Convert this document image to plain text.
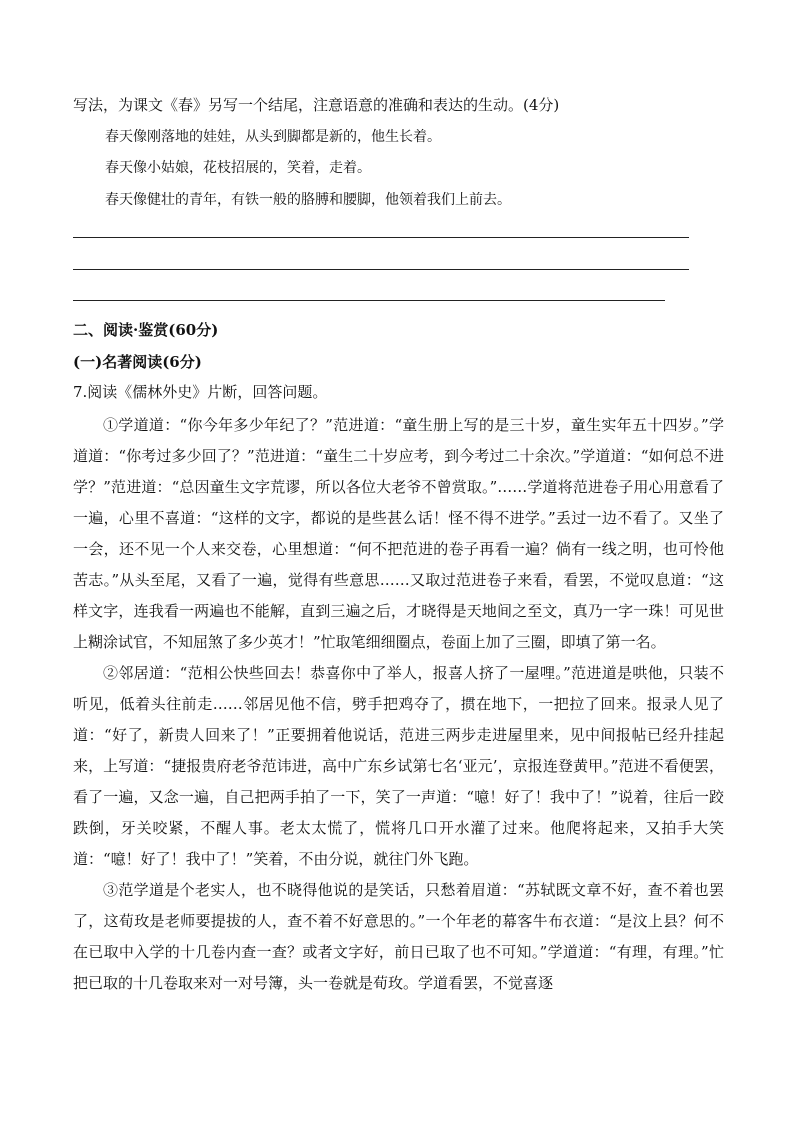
写法，为课文《春》另写一个结尾，注意语意的准确和表达的生动。(4分)
春天像刚落地的娃娃，从头到脚都是新的，他生长着。
春天像小姑娘，花枝招展的，笑着，走着。
春天像健壮的青年，有铁一般的胳膊和腰脚，他领着我们上前去。
二、阅读·鉴赏(60分)
(一)名著阅读(6分)
7.阅读《儒林外史》片断，回答问题。

①学道道：“你今年多少年纪了？”范进道：“童生册上写的是三十岁，童生实年五十四岁。”学道道：“你考过多少回了？”范进道：“童生二十岁应考，到今考过二十余次。”学道道：“如何总不进学？”范进道：“总因童生文字荒谬，所以各位大老爷不曾赏取。”……学道将范进卷子用心用意看了一遍，心里不喜道：“这样的文字，都说的是些甚么话！怪不得不进学。”丢过一边不看了。又坐了一会，还不见一个人来交卷，心里想道：“何不把范进的卷子再看一遍？倘有一线之明，也可怜他苦志。”从头至尾，又看了一遍，觉得有些意思……又取过范进卷子来看，看罢，不觉叹息道：“这样文字，连我看一两遍也不能解，直到三遍之后，才晓得是天地间之至文，真乃一字一珠！可见世上糊涂试官，不知屈煞了多少英才！”忙取笔细细圈点，卷面上加了三圈，即填了第一名。

②邻居道：“范相公快些回去！恭喜你中了举人，报喜人挤了一屋哩。”范进道是哄他，只装不听见，低着头往前走……邻居见他不信，劈手把鸡夺了，掼在地下，一把拉了回来。报录人见了道：“好了，新贵人回来了！”正要拥着他说话，范进三两步走进屋里来，见中间报帖已经升挂起来，上写道：“捷报贵府老爷范讳进，高中广东乡试第七名‘亚元’，京报连登黄甲。”范进不看便罢，看了一遍，又念一遍，自己把两手拍了一下，笑了一声道：“噫！好了！我中了！”说着，往后一跤跌倒，牙关咬紧，不醒人事。老太太慌了，慌将几口开水灌了过来。他爬将起来，又拍手大笑道：“噫！好了！我中了！”笑着，不由分说，就往门外飞跑。

③范学道是个老实人，也不晓得他说的是笑话，只愁着眉道：“苏轼既文章不好，查不着也罢了，这荀玫是老师要提拔的人，查不着不好意思的。”一个年老的幕客牛布衣道：“是汶上县？何不在已取中入学的十几卷内查一查？或者文字好，前日已取了也不可知。”学道道：“有理，有理。”忙把已取的十几卷取来对一对号簿，头一卷就是荀玫。学道看罢，不觉喜逐
